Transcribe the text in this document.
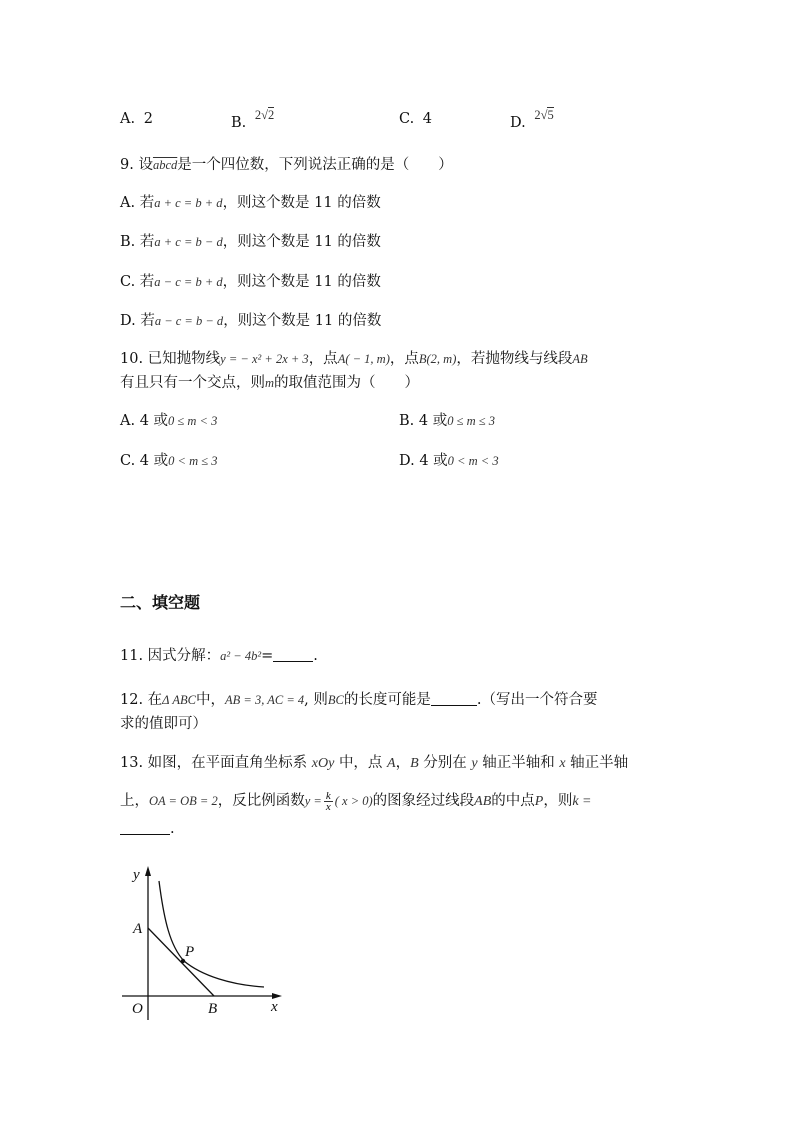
A. 2	B. 2√2	C. 4	D. 2√5
9. 设abcd是一个四位数，下列说法正确的是（　　）
A. 若a + c = b + d，则这个数是 11 的倍数
B. 若a + c = b − d，则这个数是 11 的倍数
C. 若a − c = b + d，则这个数是 11 的倍数
D. 若a − c = b − d，则这个数是 11 的倍数
10. 已知抛物线y = − x² + 2x + 3，点A( − 1, m)，点B(2, m)，若抛物线与线段AB
有且只有一个交点，则m的取值范围为（　　）
A. 4 或0 ≤ m < 3	B. 4 或0 ≤ m ≤ 3
C. 4 或0 < m ≤ 3	D. 4 或0 < m < 3
二、填空题
11. 因式分解：a² − 4b²=	.
12. 在Δ ABC中，AB = 3, AC = 4, 则BC的长度可能是	.（写出一个符合要
求的值即可）
13. 如图，在平面直角坐标系 xOy 中，点 A，B 分别在 y 轴正半轴和 x 轴正半轴
上，OA = OB = 2，反比例函数$y = \frac{k}{x}$ ( x > 0)的图象经过线段AB的中点P，则k =
.
y
x
A
P
O	B
